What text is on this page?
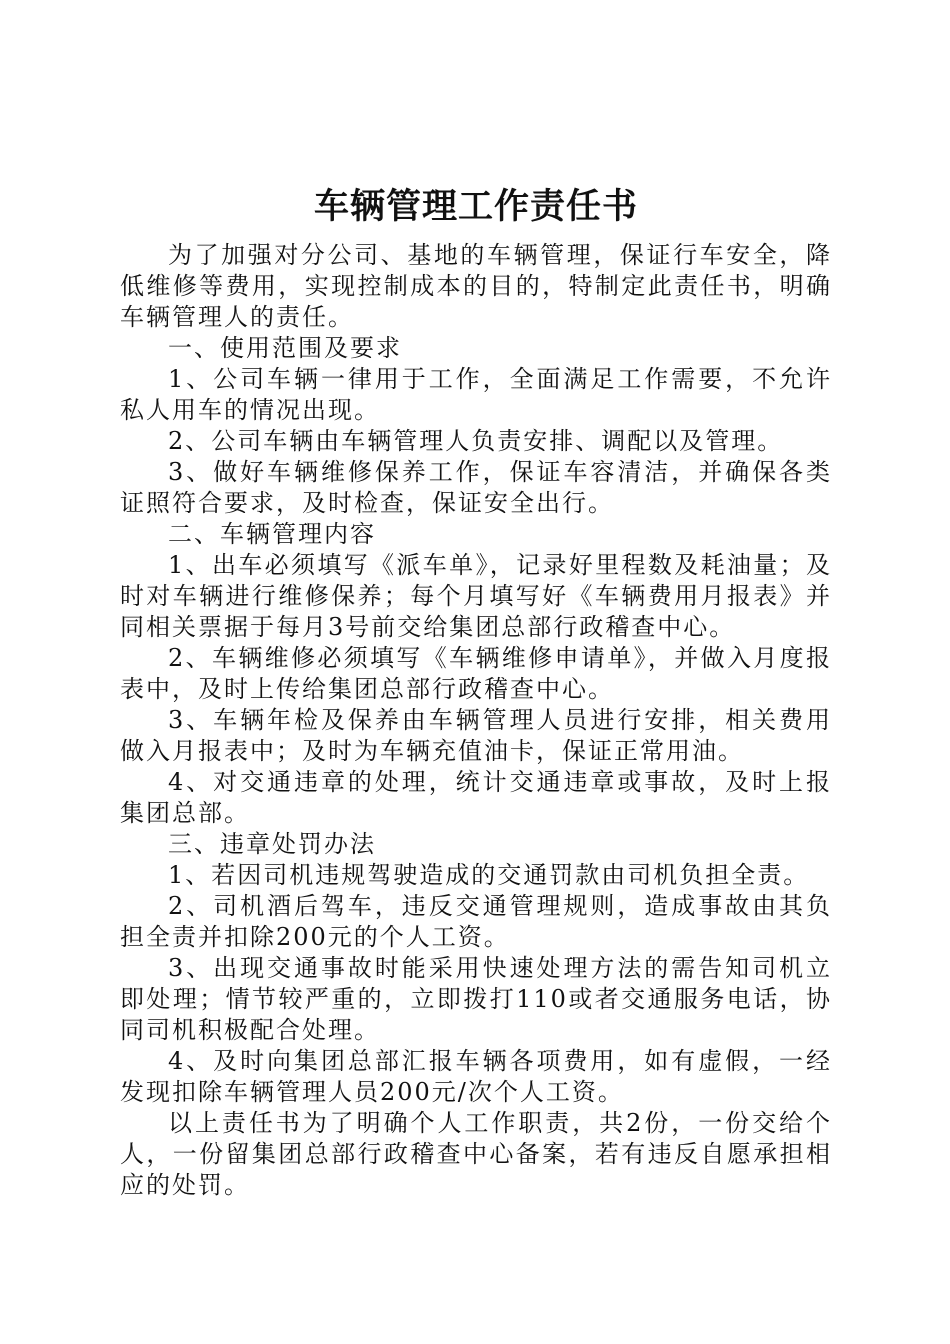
车辆管理工作责任书

为了加强对分公司、基地的车辆管理，保证行车安全，降低维修等费用，实现控制成本的目的，特制定此责任书，明确车辆管理人的责任。

一、使用范围及要求

1、公司车辆一律用于工作，全面满足工作需要，不允许私人用车的情况出现。

2、公司车辆由车辆管理人负责安排、调配以及管理。

3、做好车辆维修保养工作，保证车容清洁，并确保各类证照符合要求，及时检查，保证安全出行。

二、车辆管理内容

1、出车必须填写《派车单》，记录好里程数及耗油量；及时对车辆进行维修保养；每个月填写好《车辆费用月报表》并同相关票据于每月3号前交给集团总部行政稽查中心。

2、车辆维修必须填写《车辆维修申请单》，并做入月度报表中，及时上传给集团总部行政稽查中心。

3、车辆年检及保养由车辆管理人员进行安排，相关费用做入月报表中；及时为车辆充值油卡，保证正常用油。

4、对交通违章的处理，统计交通违章或事故，及时上报集团总部。

三、违章处罚办法

1、若因司机违规驾驶造成的交通罚款由司机负担全责。

2、司机酒后驾车，违反交通管理规则，造成事故由其负担全责并扣除200元的个人工资。

3、出现交通事故时能采用快速处理方法的需告知司机立即处理；情节较严重的，立即拨打110或者交通服务电话，协同司机积极配合处理。

4、及时向集团总部汇报车辆各项费用，如有虚假，一经发现扣除车辆管理人员200元/次个人工资。

以上责任书为了明确个人工作职责，共2份，一份交给个人，一份留集团总部行政稽查中心备案，若有违反自愿承担相应的处罚。
